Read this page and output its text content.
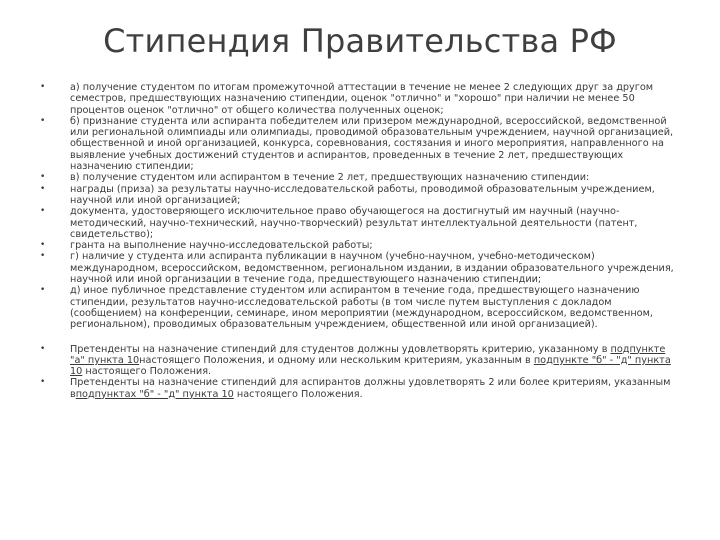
Стипендия Правительства РФ
•	а) получение студентом по итогам промежуточной аттестации в течение не менее 2 следующих друг за другом семестров, предшествующих назначению стипендии, оценок "отлично" и "хорошо" при наличии не менее 50 процентов оценок "отлично" от общего количества полученных оценок;
•	б) признание студента или аспиранта победителем или призером международной, всероссийской, ведомственной или региональной олимпиады или олимпиады, проводимой образовательным учреждением, научной организацией, общественной и иной организацией, конкурса, соревнования, состязания и иного мероприятия, направленного на выявление учебных достижений студентов и аспирантов, проведенных в течение 2 лет, предшествующих назначению стипендии;
•	в) получение студентом или аспирантом в течение 2 лет, предшествующих назначению стипендии:
•	награды (приза) за результаты научно-исследовательской работы, проводимой образовательным учреждением, научной или иной организацией;
•	документа, удостоверяющего исключительное право обучающегося на достигнутый им научный (научно-методический, научно-технический, научно-творческий) результат интеллектуальной деятельности (патент, свидетельство);
•	гранта на выполнение научно-исследовательской работы;
•	г) наличие у студента или аспиранта публикации в научном (учебно-научном, учебно-методическом) международном, всероссийском, ведомственном, региональном издании, в издании образовательного учреждения, научной или иной организации в течение года, предшествующего назначению стипендии;
•	д) иное публичное представление студентом или аспирантом в течение года, предшествующего назначению стипендии, результатов научно-исследовательской работы (в том числе путем выступления с докладом (сообщением) на конференции, семинаре, ином мероприятии (международном, всероссийском, ведомственном, региональном), проводимых образовательным учреждением, общественной или иной организацией).
•	Претенденты на назначение стипендий для студентов должны удовлетворять критерию, указанному в подпункте "а" пункта 10настоящего Положения, и одному или нескольким критериям, указанным в подпункте "б" - "д" пункта 10 настоящего Положения.
•	Претенденты на назначение стипендий для аспирантов должны удовлетворять 2 или более критериям, указанным вподпунктах "б" - "д" пункта 10 настоящего Положения.
